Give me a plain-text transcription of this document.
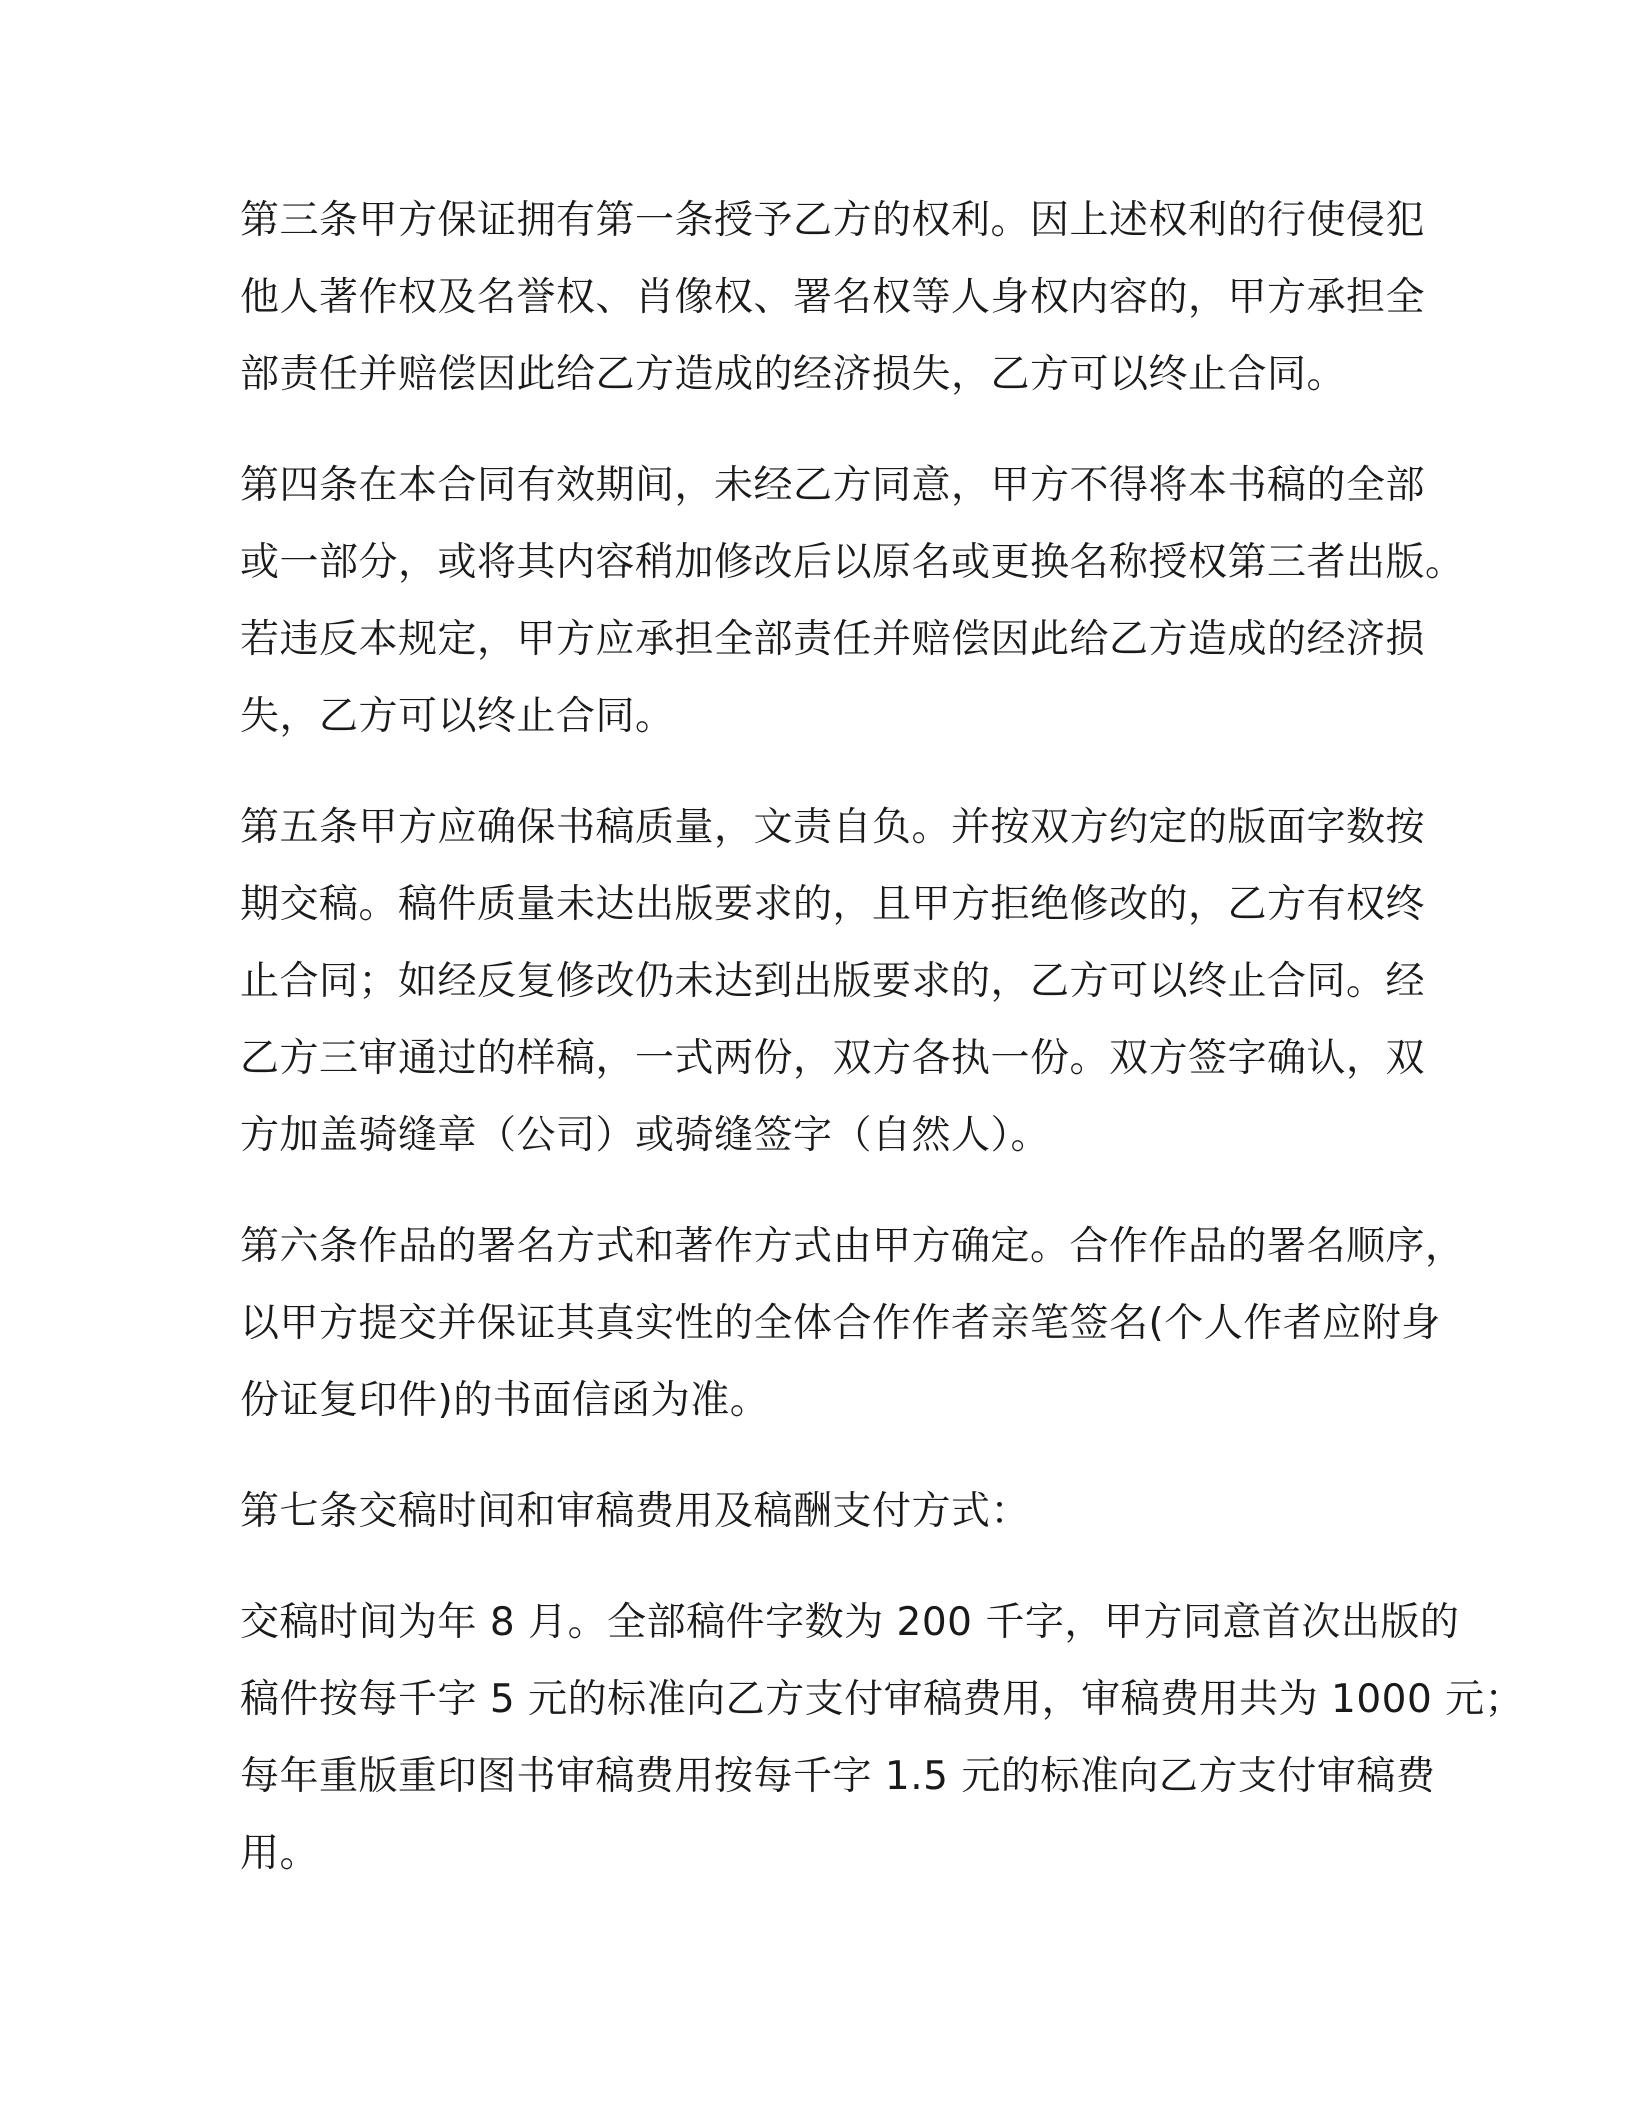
第三条甲方保证拥有第一条授予乙方的权利。因上述权利的行使侵犯
他人著作权及名誉权、肖像权、署名权等人身权内容的，甲方承担全
部责任并赔偿因此给乙方造成的经济损失，乙方可以终止合同。
第四条在本合同有效期间，未经乙方同意，甲方不得将本书稿的全部
或一部分，或将其内容稍加修改后以原名或更换名称授权第三者出版。
若违反本规定，甲方应承担全部责任并赔偿因此给乙方造成的经济损
失，乙方可以终止合同。
第五条甲方应确保书稿质量，文责自负。并按双方约定的版面字数按
期交稿。稿件质量未达出版要求的，且甲方拒绝修改的，乙方有权终
止合同；如经反复修改仍未达到出版要求的，乙方可以终止合同。经
乙方三审通过的样稿，一式两份，双方各执一份。双方签字确认，双
方加盖骑缝章（公司）或骑缝签字（自然人）。
第六条作品的署名方式和著作方式由甲方确定。合作作品的署名顺序，
以甲方提交并保证其真实性的全体合作作者亲笔签名(个人作者应附身
份证复印件)的书面信函为准。
第七条交稿时间和审稿费用及稿酬支付方式：
交稿时间为年 8 月。全部稿件字数为 200 千字，甲方同意首次出版的
稿件按每千字 5 元的标准向乙方支付审稿费用，审稿费用共为 1000 元；
每年重版重印图书审稿费用按每千字 1.5 元的标准向乙方支付审稿费
用。
